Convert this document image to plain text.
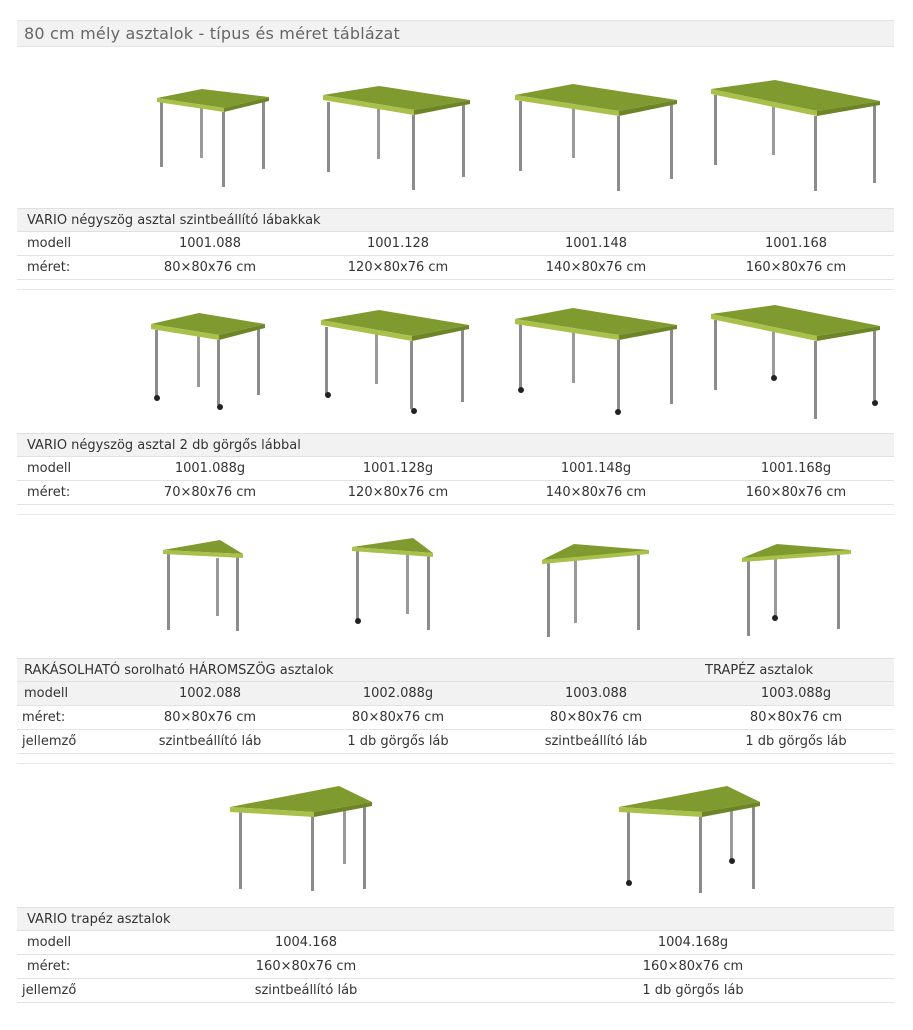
80 cm mély asztalok - típus és méret táblázat
VARIO négyszög asztal szintbeállító lábakkak
modell	1001.088	1001.128	1001.148	1001.168
méret:	80×80x76 cm	120×80x76 cm	140×80x76 cm	160×80x76 cm
VARIO négyszög asztal 2 db görgős lábbal
modell	1001.088g	1001.128g	1001.148g	1001.168g
méret:	70×80x76 cm	120×80x76 cm	140×80x76 cm	160×80x76 cm
RAKÁSOLHATÓ sorolható HÁROMSZÖG asztalok	TRAPÉZ asztalok
modell	1002.088	1002.088g	1003.088	1003.088g
méret:	80×80x76 cm	80×80x76 cm	80×80x76 cm	80×80x76 cm
jellemző	szintbeállító láb	1 db görgős láb	szintbeállító láb	1 db görgős láb
VARIO trapéz asztalok
modell	1004.168	1004.168g
méret:	160×80x76 cm	160×80x76 cm
jellemző	szintbeállító láb	1 db görgős láb
